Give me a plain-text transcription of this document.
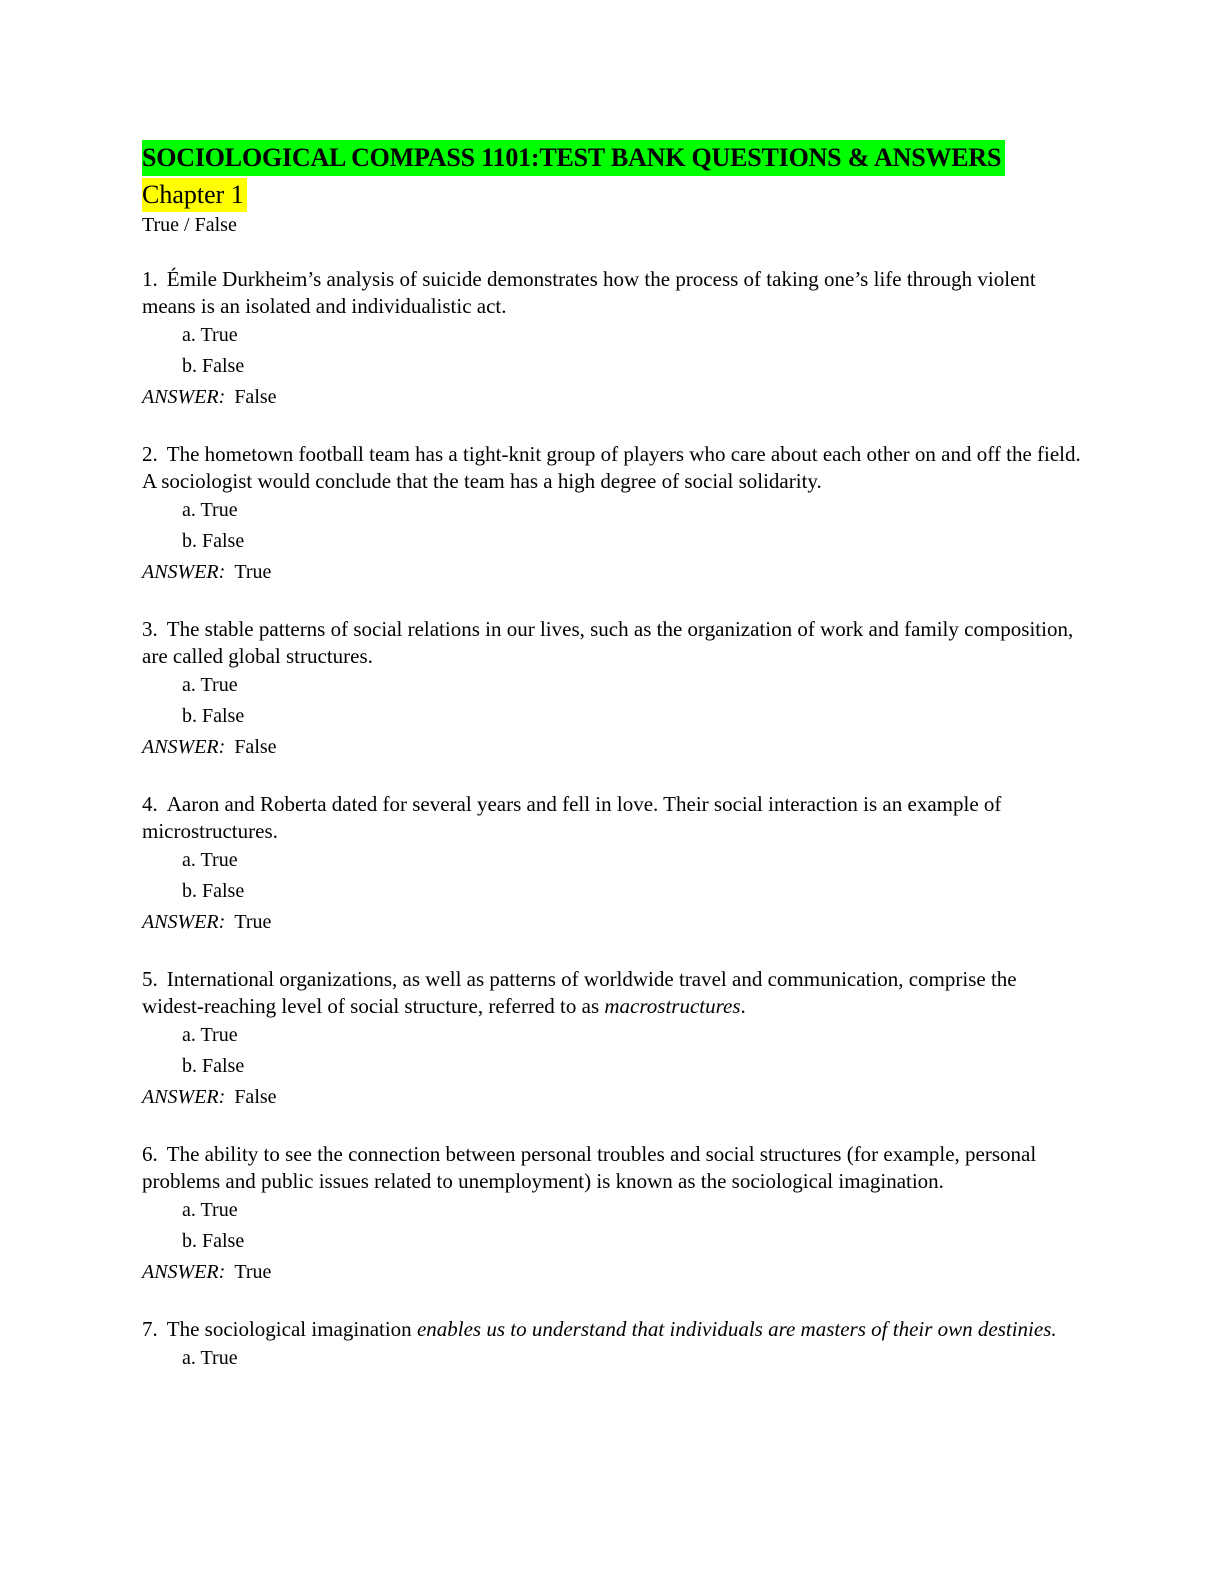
SOCIOLOGICAL COMPASS 1101:TEST BANK QUESTIONS & ANSWERS
Chapter 1
True / False

1. Émile Durkheim’s analysis of suicide demonstrates how the process of taking one’s life through violent means is an isolated and individualistic act.

a. True
b. False
ANSWER: False

2. The hometown football team has a tight-knit group of players who care about each other on and off the field. A sociologist would conclude that the team has a high degree of social solidarity.

a. True
b. False
ANSWER: True

3. The stable patterns of social relations in our lives, such as the organization of work and family composition, are called global structures.

a. True
b. False
ANSWER: False

4. Aaron and Roberta dated for several years and fell in love. Their social interaction is an example of microstructures.

a. True
b. False
ANSWER: True

5. International organizations, as well as patterns of worldwide travel and communication, comprise the widest-reaching level of social structure, referred to as macrostructures.

a. True
b. False
ANSWER: False

6. The ability to see the connection between personal troubles and social structures (for example, personal problems and public issues related to unemployment) is known as the sociological imagination.

a. True
b. False
ANSWER: True

7. The sociological imagination enables us to understand that individuals are masters of their own destinies.

a. True
